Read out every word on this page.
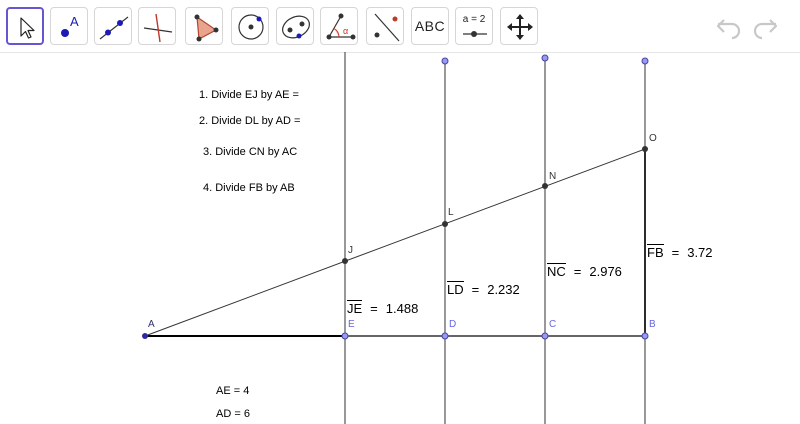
A
α	ABC	a = 2
A
J
L
N
O
E	D	C	B
1. Divide EJ by AE =
2. Divide DL by AD =
3. Divide CN by AC
4. Divide FB by AB
AE = 4
AD = 6
JE = 1.488
LD = 2.232
NC = 2.976
FB = 3.72
